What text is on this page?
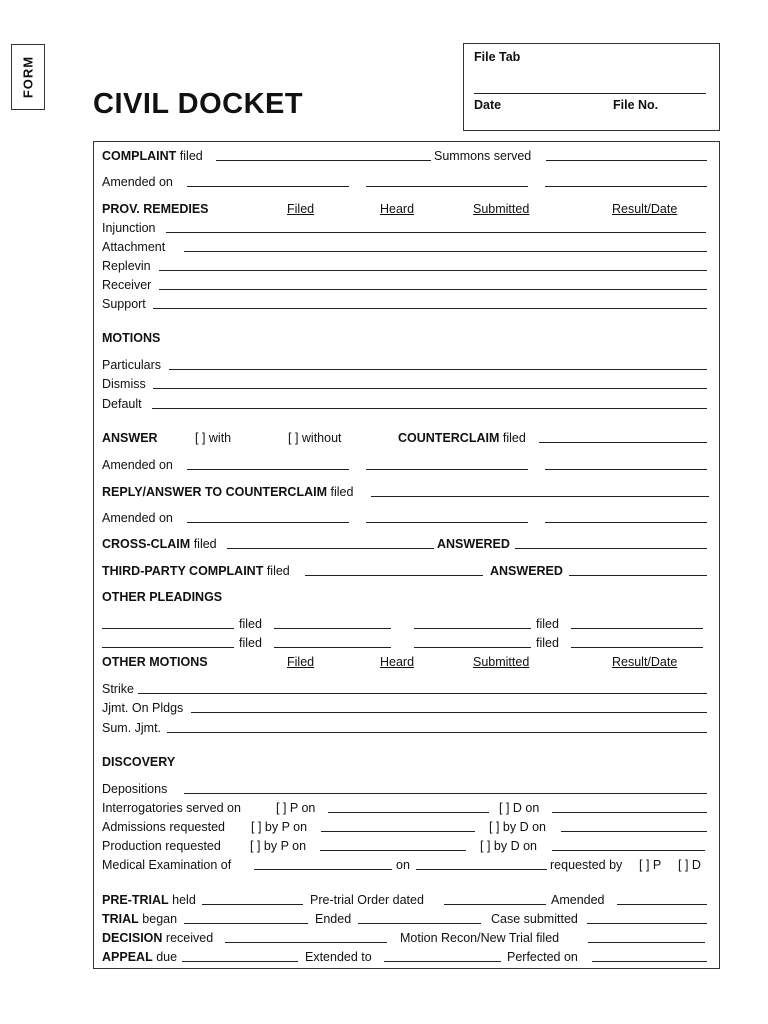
FORM
CIVIL DOCKET
File Tab
Date	File No.
COMPLAINT filed	Summons served
Amended on
PROV. REMEDIES	Filed	Heard	Submitted	Result/Date
Injunction
Attachment
Replevin
Receiver
Support
MOTIONS
Particulars
Dismiss
Default
ANSWER	[ ] with	[ ] without	COUNTERCLAIM filed
Amended on
REPLY/ANSWER TO COUNTERCLAIM filed
Amended on
CROSS-CLAIM filed	ANSWERED
THIRD-PARTY COMPLAINT filed	ANSWERED
OTHER PLEADINGS
filed	filed
filed	filed
OTHER MOTIONS	Filed	Heard	Submitted	Result/Date
Strike
Jjmt. On Pldgs
Sum. Jjmt.
DISCOVERY
Depositions
Interrogatories served on	[ ] P on	[ ] D on
Admissions requested [ ] by P on	[ ] by D on
Production requested [ ] by P on	[ ] by D on
Medical Examination of	on	requested by [ ] P [ ] D
PRE-TRIAL held	Pre-trial Order dated	Amended
TRIAL began	Ended	Case submitted
DECISION received	Motion Recon/New Trial filed
APPEAL due	Extended to	Perfected on
